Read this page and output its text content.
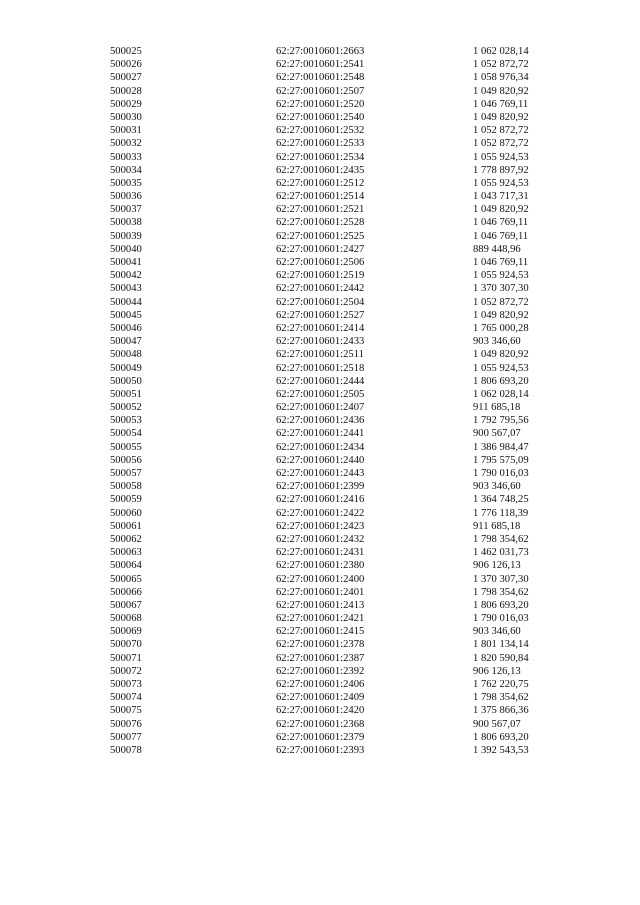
500025	62:27:0010601:2663	1 062 028,14
500026	62:27:0010601:2541	1 052 872,72
500027	62:27:0010601:2548	1 058 976,34
500028	62:27:0010601:2507	1 049 820,92
500029	62:27:0010601:2520	1 046 769,11
500030	62:27:0010601:2540	1 049 820,92
500031	62:27:0010601:2532	1 052 872,72
500032	62:27:0010601:2533	1 052 872,72
500033	62:27:0010601:2534	1 055 924,53
500034	62:27:0010601:2435	1 778 897,92
500035	62:27:0010601:2512	1 055 924,53
500036	62:27:0010601:2514	1 043 717,31
500037	62:27:0010601:2521	1 049 820,92
500038	62:27:0010601:2528	1 046 769,11
500039	62:27:0010601:2525	1 046 769,11
500040	62:27:0010601:2427	889 448,96
500041	62:27:0010601:2506	1 046 769,11
500042	62:27:0010601:2519	1 055 924,53
500043	62:27:0010601:2442	1 370 307,30
500044	62:27:0010601:2504	1 052 872,72
500045	62:27:0010601:2527	1 049 820,92
500046	62:27:0010601:2414	1 765 000,28
500047	62:27:0010601:2433	903 346,60
500048	62:27:0010601:2511	1 049 820,92
500049	62:27:0010601:2518	1 055 924,53
500050	62:27:0010601:2444	1 806 693,20
500051	62:27:0010601:2505	1 062 028,14
500052	62:27:0010601:2407	911 685,18
500053	62:27:0010601:2436	1 792 795,56
500054	62:27:0010601:2441	900 567,07
500055	62:27:0010601:2434	1 386 984,47
500056	62:27:0010601:2440	1 795 575,09
500057	62:27:0010601:2443	1 790 016,03
500058	62:27:0010601:2399	903 346,60
500059	62:27:0010601:2416	1 364 748,25
500060	62:27:0010601:2422	1 776 118,39
500061	62:27:0010601:2423	911 685,18
500062	62:27:0010601:2432	1 798 354,62
500063	62:27:0010601:2431	1 462 031,73
500064	62:27:0010601:2380	906 126,13
500065	62:27:0010601:2400	1 370 307,30
500066	62:27:0010601:2401	1 798 354,62
500067	62:27:0010601:2413	1 806 693,20
500068	62:27:0010601:2421	1 790 016,03
500069	62:27:0010601:2415	903 346,60
500070	62:27:0010601:2378	1 801 134,14
500071	62:27:0010601:2387	1 820 590,84
500072	62:27:0010601:2392	906 126,13
500073	62:27:0010601:2406	1 762 220,75
500074	62:27:0010601:2409	1 798 354,62
500075	62:27:0010601:2420	1 375 866,36
500076	62:27:0010601:2368	900 567,07
500077	62:27:0010601:2379	1 806 693,20
500078	62:27:0010601:2393	1 392 543,53
